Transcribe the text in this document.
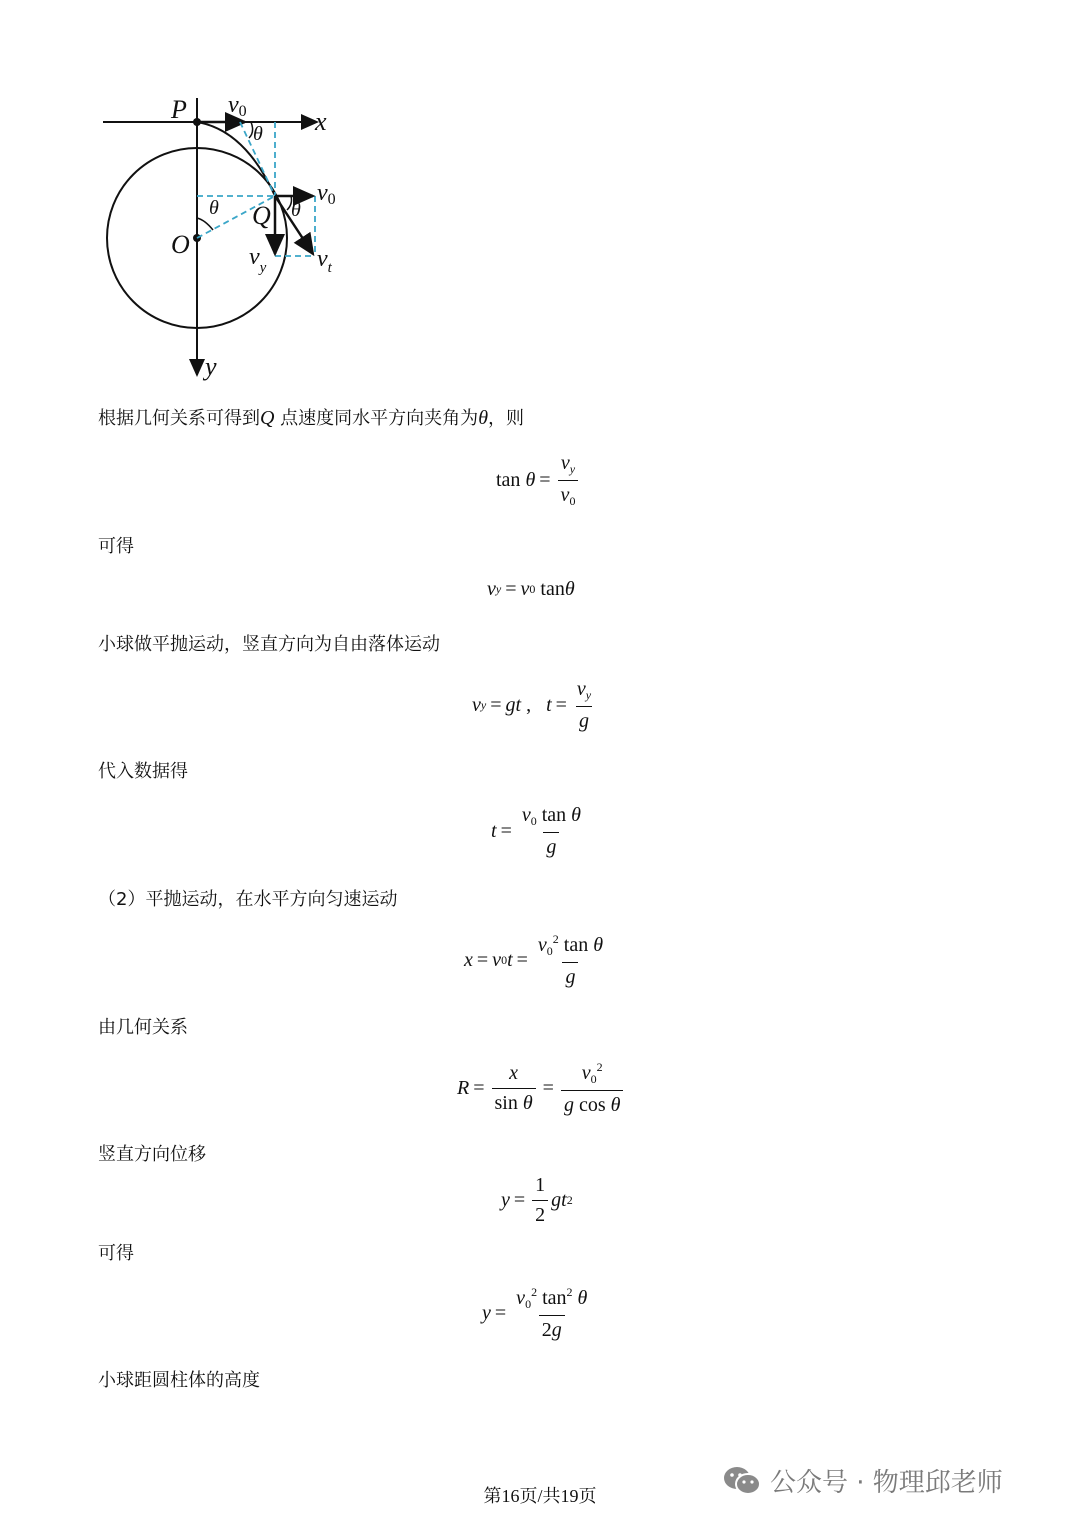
P
O
Q
x
y
v0
v0
$v_y$ $v_t$
θ
θ	θ
根据几何关系可得到Q 点速度同水平方向夹角为θ，则
tan
$\theta = \frac{v_y}{v_0}$
可得
v y = v 0
tan θ
小球做平抛运动，竖直方向为自由落体运动
v y = gt , $t = \frac{v_y}{g}$
代入数据得
$t = \frac{v_0 \tan \theta}{g}$
（2）平抛运动，在水平方向匀速运动
x = v 0 $t = \frac{v_0^2 \tan \theta}{g}$
由几何关系
$R = \frac{x}{\text{sin θ}} = \frac{v_0^2}{\text{g cos θ}}$
竖直方向位移
$y = \frac{1}{2}$ gt 2
可得
$y = \frac{v_0^2 \tan^2 \theta}{2g}$
小球距圆柱体的高度
第16页/共19页	公众号 · 物理邱老师
